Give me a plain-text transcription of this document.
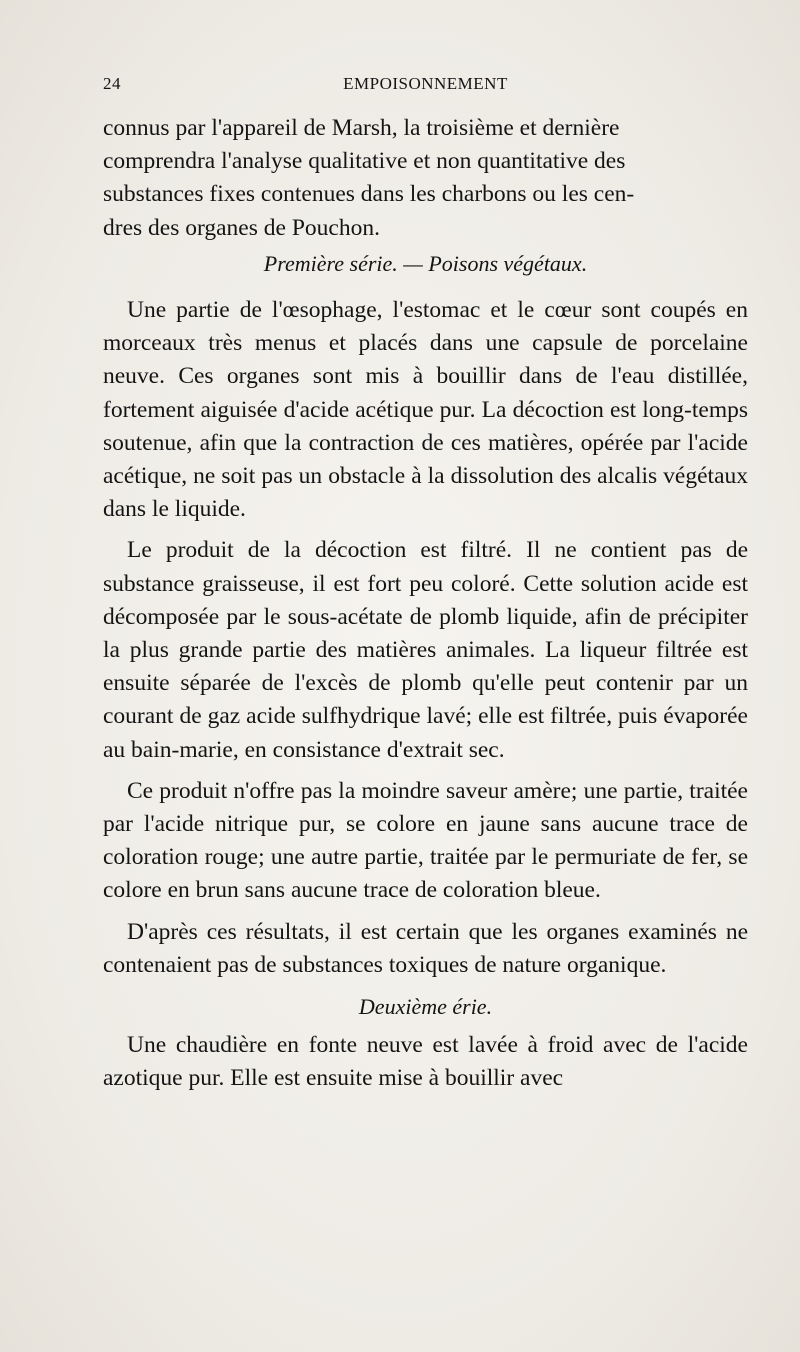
24	EMPOISONNEMENT

connus par l'appareil de Marsh, la troisième et dernière
comprendra l'analyse qualitative et non quantitative des
substances fixes contenues dans les charbons ou les cen-
dres des organes de Pouchon.

Première série. — Poisons végétaux.

Une partie de l'œsophage, l'estomac et le cœur sont coupés en morceaux très menus et placés dans une capsule de porcelaine neuve. Ces organes sont mis à bouillir dans de l'eau distillée, fortement aiguisée d'acide acétique pur. La décoction est long-temps soutenue, afin que la contraction de ces matières, opérée par l'acide acétique, ne soit pas un obstacle à la dissolution des alcalis végétaux dans le liquide.

Le produit de la décoction est filtré. Il ne contient pas de substance graisseuse, il est fort peu coloré. Cette solution acide est décomposée par le sous-acétate de plomb liquide, afin de précipiter la plus grande partie des matières animales. La liqueur filtrée est ensuite séparée de l'excès de plomb qu'elle peut contenir par un courant de gaz acide sulfhydrique lavé; elle est filtrée, puis évaporée au bain-marie, en consistance d'extrait sec.

Ce produit n'offre pas la moindre saveur amère; une partie, traitée par l'acide nitrique pur, se colore en jaune sans aucune trace de coloration rouge; une autre partie, traitée par le permuriate de fer, se colore en brun sans aucune trace de coloration bleue.

D'après ces résultats, il est certain que les organes examinés ne contenaient pas de substances toxiques de nature organique.

Deuxième érie.

Une chaudière en fonte neuve est lavée à froid avec de l'acide azotique pur. Elle est ensuite mise à bouillir avec
